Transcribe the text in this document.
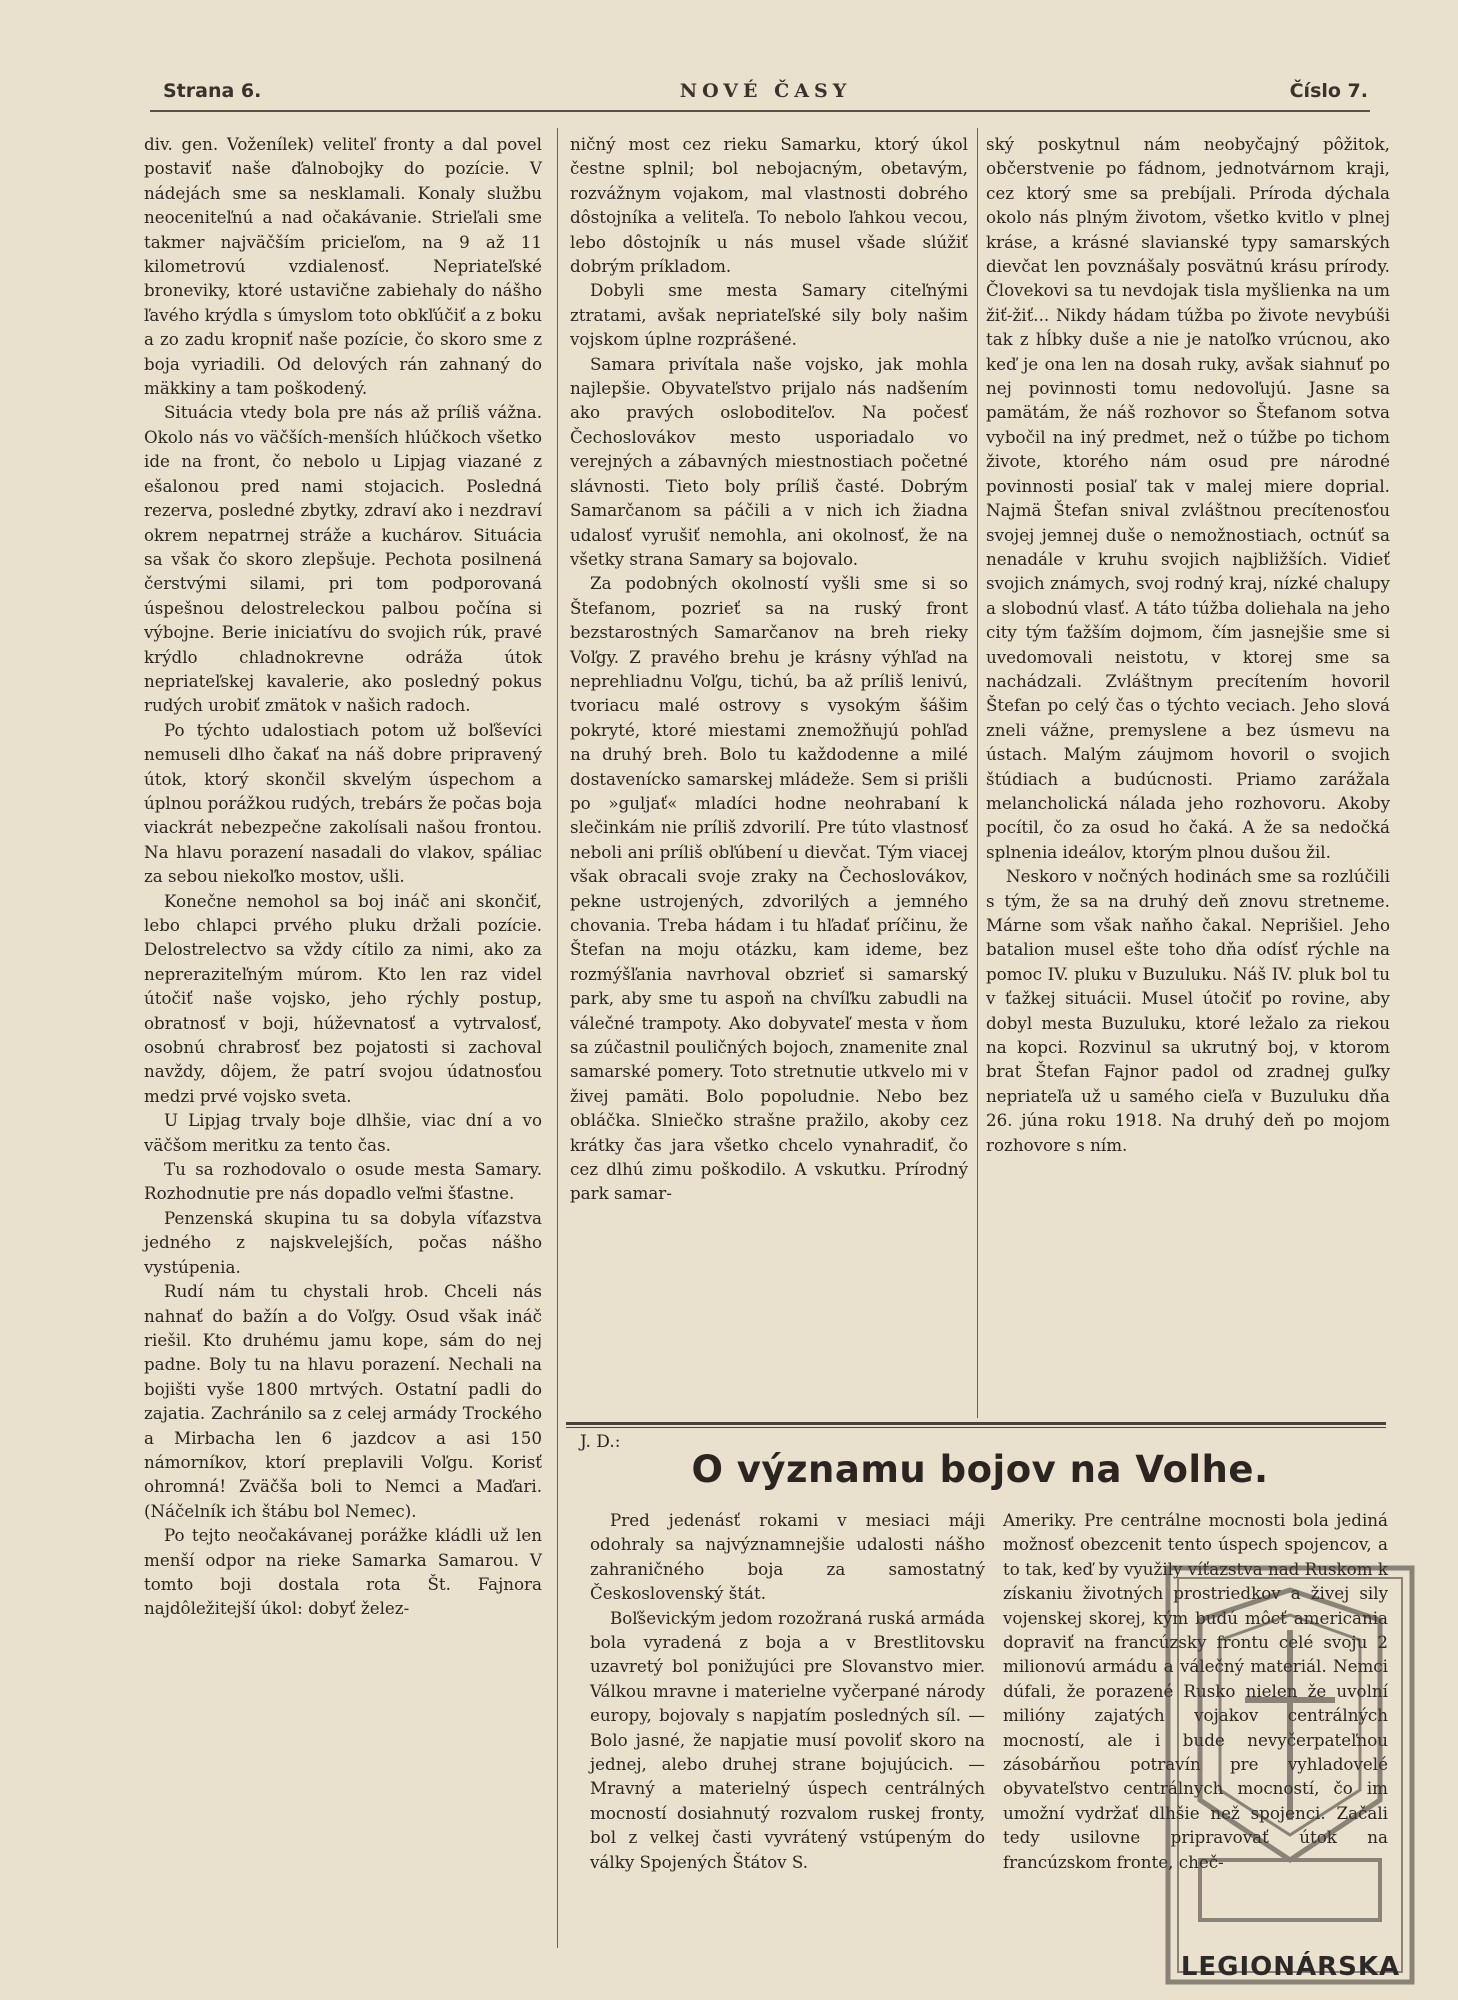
Strana 6.	NOVÉ ČASY	Číslo 7.

div. gen. Voženílek) veliteľ fronty a dal povel postaviť naše ďalnobojky do pozície. V nádejách sme sa nesklamali. Konaly službu neoceniteľnú a nad očakávanie. Strieľali sme takmer najväčším pricieľom, na 9 až 11 kilometrovú vzdialenosť. Nepriateľské broneviky, ktoré ustavične zabiehaly do nášho ľavého krýdla s úmyslom toto obkľúčiť a z boku a zo zadu kropniť naše pozície, čo skoro sme z boja vyriadili. Od delových rán zahnaný do mäkkiny a tam poškodený.

Situácia vtedy bola pre nás až príliš vážna. Okolo nás vo väčších-menších hlúčkoch všetko ide na front, čo nebolo u Lipjag viazané z ešalonou pred nami stojacich. Posledná rezerva, posledné zbytky, zdraví ako i nezdraví okrem nepatrnej stráže a kuchárov. Situácia sa však čo skoro zlepšuje. Pechota posilnená čerstvými silami, pri tom podporovaná úspešnou delostreleckou palbou počína si výbojne. Berie iniciatívu do svojich rúk, pravé krýdlo chladnokrevne odráža útok nepriateľskej kavalerie, ako posledný pokus rudých urobiť zmätok v našich radoch.

Po týchto udalostiach potom už boľševíci nemuseli dlho čakať na náš dobre pripravený útok, ktorý skončil skvelým úspechom a úplnou porážkou rudých, trebárs že počas boja viackrát nebezpečne zakolísali našou frontou. Na hlavu porazení nasadali do vlakov, spáliac za sebou niekoľko mostov, ušli.

Konečne nemohol sa boj ináč ani skončiť, lebo chlapci prvého pluku držali pozície. Delostrelectvo sa vždy cítilo za nimi, ako za nepreraziteľným múrom. Kto len raz videl útočiť naše vojsko, jeho rýchly postup, obratnosť v boji, húževnatosť a vytrvalosť, osobnú chrabrosť bez pojatosti si zachoval navždy, dôjem, že patrí svojou údatnosťou medzi prvé vojsko sveta.

U Lipjag trvaly boje dlhšie, viac dní a vo väčšom meritku za tento čas.

Tu sa rozhodovalo o osude mesta Samary. Rozhodnutie pre nás dopadlo veľmi šťastne.

Penzenská skupina tu sa dobyla víťazstva jedného z najskvelejších, počas nášho vystúpenia.

Rudí nám tu chystali hrob. Chceli nás nahnať do bažín a do Voľgy. Osud však ináč riešil. Kto druhému jamu kope, sám do nej padne. Boly tu na hlavu porazení. Nechali na bojišti vyše 1800 mrtvých. Ostatní padli do zajatia. Zachránilo sa z celej armády Trockého a Mirbacha len 6 jazdcov a asi 150 námorníkov, ktorí preplavili Voľgu. Korisť ohromná! Zväčša boli to Nemci a Maďari. (Náčelník ich štábu bol Nemec).

Po tejto neočakávanej porážke kládli už len menší odpor na rieke Samarka Samarou. V tomto boji dostala rota Št. Fajnora najdôležitejší úkol: dobyť želez-

ničný most cez rieku Samarku, ktorý úkol čestne splnil; bol nebojacným, obetavým, rozvážnym vojakom, mal vlastnosti dobrého dôstojníka a veliteľa. To nebolo ľahkou vecou, lebo dôstojník u nás musel všade slúžiť dobrým príkladom.

Dobyli sme mesta Samary citeľnými ztratami, avšak nepriateľské sily boly našim vojskom úplne rozprášené.

Samara privítala naše vojsko, jak mohla najlepšie. Obyvateľstvo prijalo nás nadšením ako pravých osloboditeľov. Na počesť Čechoslovákov mesto usporiadalo vo verejných a zábavných miestnostiach početné slávnosti. Tieto boly príliš časté. Dobrým Samarčanom sa páčili a v nich ich žiadna udalosť vyrušiť nemohla, ani okolnosť, že na všetky strana Samary sa bojovalo.

Za podobných okolností vyšli sme si so Štefanom, pozrieť sa na ruský front bezstarostných Samarčanov na breh rieky Voľgy. Z pravého brehu je krásny výhľad na neprehliadnu Voľgu, tichú, ba až príliš lenivú, tvoriacu malé ostrovy s vysokým šášim pokryté, ktoré miestami znemožňujú pohľad na druhý breh. Bolo tu každodenne a milé dostavenícko samarskej mládeže. Sem si prišli po »guljať« mladíci hodne neohrabaní k slečinkám nie príliš zdvorilí. Pre túto vlastnosť neboli ani príliš obľúbení u dievčat. Tým viacej však obracali svoje zraky na Čechoslovákov, pekne ustrojených, zdvorilých a jemného chovania. Treba hádam i tu hľadať príčinu, že Štefan na moju otázku, kam ideme, bez rozmýšľania navrhoval obzrieť si samarský park, aby sme tu aspoň na chvíľku zabudli na válečné trampoty. Ako dobyvateľ mesta v ňom sa zúčastnil pouličných bojoch, znamenite znal samarské pomery. Toto stretnutie utkvelo mi v živej pamäti. Bolo popoludnie. Nebo bez obláčka. Slniečko strašne pražilo, akoby cez krátky čas jara všetko chcelo vynahradiť, čo cez dlhú zimu poškodilo. A vskutku. Prírodný park samar-

ský poskytnul nám neobyčajný pôžitok, občerstvenie po fádnom, jednotvárnom kraji, cez ktorý sme sa prebíjali. Príroda dýchala okolo nás plným životom, všetko kvitlo v plnej kráse, a krásné slavianské typy samarských dievčat len povznášaly posvätnú krásu prírody. Človekovi sa tu nevdojak tisla myšlienka na um žiť-žiť... Nikdy hádam túžba po živote nevybúši tak z hĺbky duše a nie je natoľko vrúcnou, ako keď je ona len na dosah ruky, avšak siahnuť po nej povinnosti tomu nedovoľujú. Jasne sa pamätám, že náš rozhovor so Štefanom sotva vybočil na iný predmet, než o túžbe po tichom živote, ktorého nám osud pre národné povinnosti posiaľ tak v malej miere doprial. Najmä Štefan snival zvláštnou precítenosťou svojej jemnej duše o nemožnostiach, octnúť sa nenadále v kruhu svojich najbližších. Vidieť svojich známych, svoj rodný kraj, nízké chalupy a slobodnú vlasť. A táto túžba doliehala na jeho city tým ťažším dojmom, čím jasnejšie sme si uvedomovali neistotu, v ktorej sme sa nachádzali. Zvláštnym precítením hovoril Štefan po celý čas o týchto veciach. Jeho slová zneli vážne, premyslene a bez úsmevu na ústach. Malým záujmom hovoril o svojich štúdiach a budúcnosti. Priamo zarážala melancholická nálada jeho rozhovoru. Akoby pocítil, čo za osud ho čaká. A že sa nedočká splnenia ideálov, ktorým plnou dušou žil.

Neskoro v nočných hodinách sme sa rozlúčili s tým, že sa na druhý deň znovu stretneme. Márne som však naňho čakal. Neprišiel. Jeho batalion musel ešte toho dňa odísť rýchle na pomoc IV. pluku v Buzuluku. Náš IV. pluk bol tu v ťažkej situácii. Musel útočiť po rovine, aby dobyl mesta Buzuluku, ktoré ležalo za riekou na kopci. Rozvinul sa ukrutný boj, v ktorom brat Štefan Fajnor padol od zradnej guľky nepriateľa už u samého cieľa v Buzuluku dňa 26. júna roku 1918. Na druhý deň po mojom rozhovore s ním.

J. D.:
O významu bojov na Volhe.

Pred jedenásť rokami v mesiaci máji odohraly sa najvýznamnejšie udalosti nášho zahraničného boja za samostatný Československý štát.

Boľševickým jedom rozožraná ruská armáda bola vyradená z boja a v Brestlitovsku uzavretý bol ponižujúci pre Slovanstvo mier. Válkou mravne i materielne vyčerpané národy europy, bojovaly s napjatím posledných síl. — Bolo jasné, že napjatie musí povoliť skoro na jednej, alebo druhej strane bojujúcich. — Mravný a materielný úspech centrálných mocností dosiahnutý rozvalom ruskej fronty, bol z velkej časti vyvrátený vstúpeným do války Spojených Štátov S.

Ameriky. Pre centrálne mocnosti bola jediná možnosť obezcenit tento úspech spojencov, a to tak, keď by využily víťazstva nad Ruskom k získaniu životných prostriedkov a živej sily vojenskej skorej, kým budú môcť americania dopraviť na francúzsky frontu celé svoju 2 milionovú armádu a válečný materiál. Nemci dúfali, že porazené Rusko nielen že uvolní milióny zajatých vojakov centrálných mocností, ale i bude nevyčerpateľnou zásobárňou potravín pre vyhladovelé obyvateľstvo centrálnych mocností, čo im umožní vydržať dlhšie než spojenci. Začali tedy usilovne pripravovať útok na francúzskom fronte, cheč-

LEGIONÁRSKA
